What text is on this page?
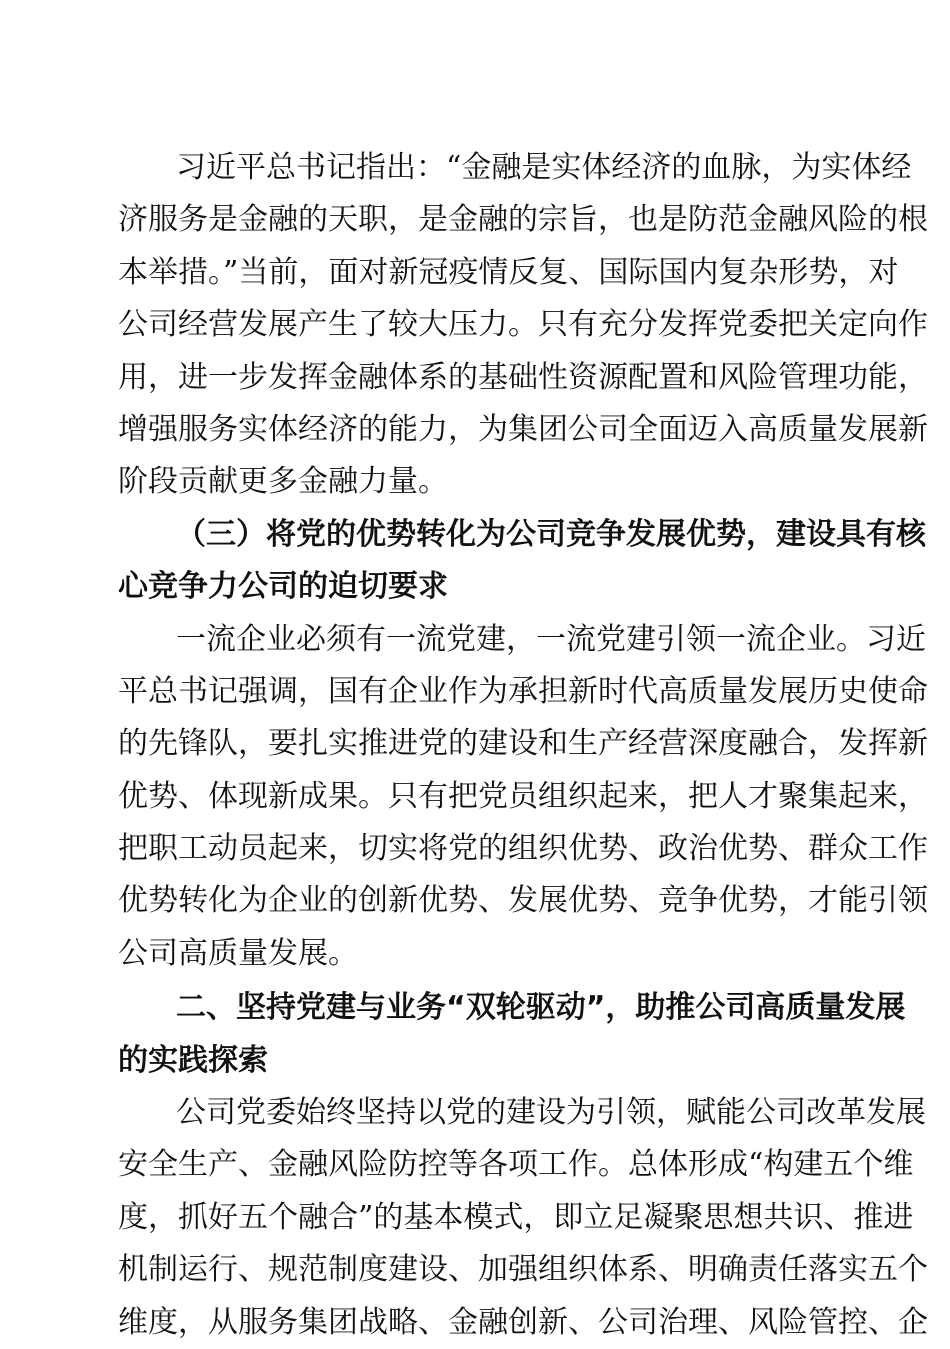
习近平总书记指出：“金融是实体经济的血脉，为实体经
济服务是金融的天职，是金融的宗旨，也是防范金融风险的根
本举措。”当前，面对新冠疫情反复、国际国内复杂形势，对
公司经营发展产生了较大压力。只有充分发挥党委把关定向作
用，进一步发挥金融体系的基础性资源配置和风险管理功能，
增强服务实体经济的能力，为集团公司全面迈入高质量发展新
阶段贡献更多金融力量。
（三）将党的优势转化为公司竞争发展优势，建设具有核
心竞争力公司的迫切要求
一流企业必须有一流党建，一流党建引领一流企业。习近
平总书记强调，国有企业作为承担新时代高质量发展历史使命
的先锋队，要扎实推进党的建设和生产经营深度融合，发挥新
优势、体现新成果。只有把党员组织起来，把人才聚集起来，
把职工动员起来，切实将党的组织优势、政治优势、群众工作
优势转化为企业的创新优势、发展优势、竞争优势，才能引领
公司高质量发展。
二、坚持党建与业务“双轮驱动”，助推公司高质量发展
的实践探索
公司党委始终坚持以党的建设为引领，赋能公司改革发展
安全生产、金融风险防控等各项工作。总体形成“构建五个维
度，抓好五个融合”的基本模式，即立足凝聚思想共识、推进
机制运行、规范制度建设、加强组织体系、明确责任落实五个
维度，从服务集团战略、金融创新、公司治理、风险管控、企
